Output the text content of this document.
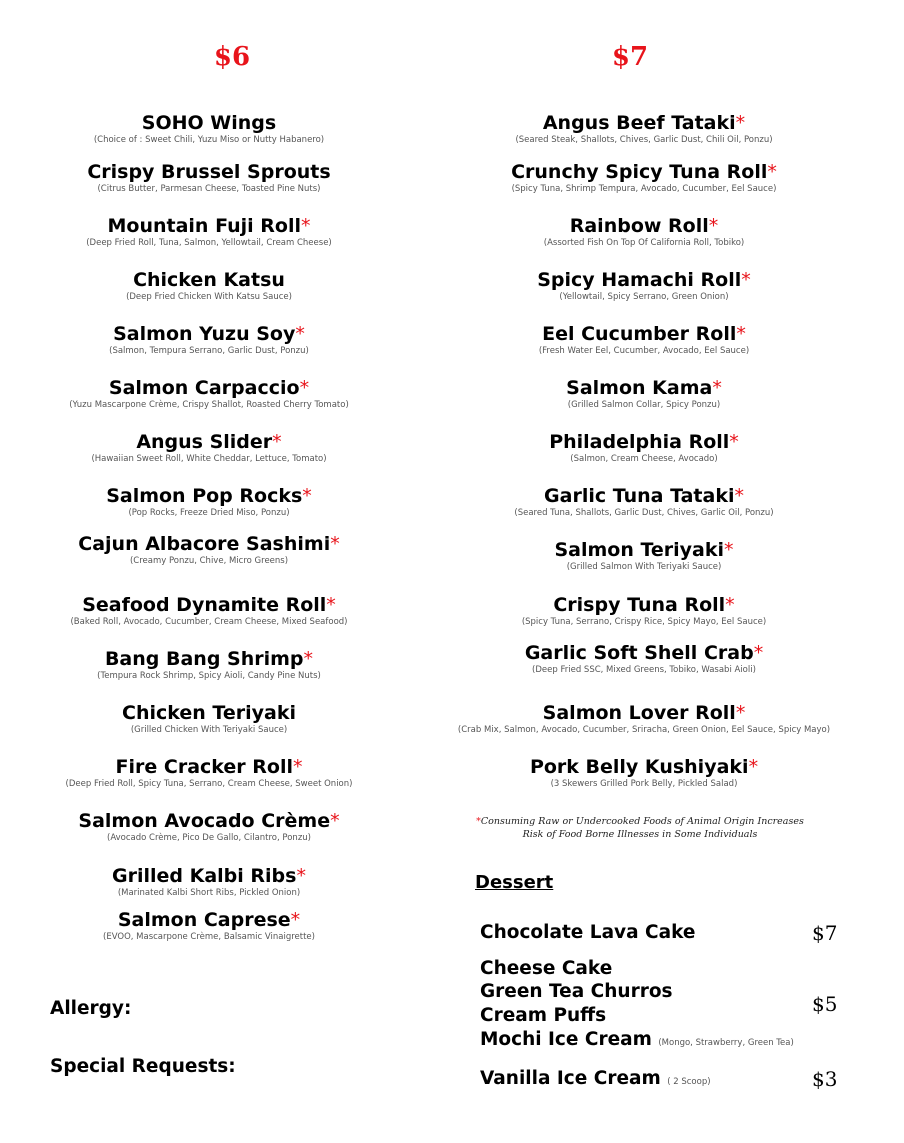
$6	$7
SOHO Wings
(Choice of : Sweet Chili, Yuzu Miso or Nutty Habanero)
Crispy Brussel Sprouts
(Citrus Butter, Parmesan Cheese, Toasted Pine Nuts)
Mountain Fuji Roll*
(Deep Fried Roll, Tuna, Salmon, Yellowtail, Cream Cheese)
Chicken Katsu
(Deep Fried Chicken With Katsu Sauce)
Salmon Yuzu Soy*
(Salmon, Tempura Serrano, Garlic Dust, Ponzu)
Salmon Carpaccio*
(Yuzu Mascarpone Crème, Crispy Shallot, Roasted Cherry Tomato)
Angus Slider*
(Hawaiian Sweet Roll, White Cheddar, Lettuce, Tomato)
Salmon Pop Rocks*
(Pop Rocks, Freeze Dried Miso, Ponzu)
Cajun Albacore Sashimi*
(Creamy Ponzu, Chive, Micro Greens)
Seafood Dynamite Roll*
(Baked Roll, Avocado, Cucumber, Cream Cheese, Mixed Seafood)
Bang Bang Shrimp*
(Tempura Rock Shrimp, Spicy Aioli, Candy Pine Nuts)
Chicken Teriyaki
(Grilled Chicken With Teriyaki Sauce)
Fire Cracker Roll*
(Deep Fried Roll, Spicy Tuna, Serrano, Cream Cheese, Sweet Onion)
Salmon Avocado Crème*
(Avocado Crème, Pico De Gallo, Cilantro, Ponzu)
Grilled Kalbi Ribs*
(Marinated Kalbi Short Ribs, Pickled Onion)
Salmon Caprese*
(EVOO, Mascarpone Crème, Balsamic Vinaigrette)
Angus Beef Tataki*
(Seared Steak, Shallots, Chives, Garlic Dust, Chili Oil, Ponzu)
Crunchy Spicy Tuna Roll*
(Spicy Tuna, Shrimp Tempura, Avocado, Cucumber, Eel Sauce)
Rainbow Roll*
(Assorted Fish On Top Of California Roll, Tobiko)
Spicy Hamachi Roll*
(Yellowtail, Spicy Serrano, Green Onion)
Eel Cucumber Roll*
(Fresh Water Eel, Cucumber, Avocado, Eel Sauce)
Salmon Kama*
(Grilled Salmon Collar, Spicy Ponzu)
Philadelphia Roll*
(Salmon, Cream Cheese, Avocado)
Garlic Tuna Tataki*
(Seared Tuna, Shallots, Garlic Dust, Chives, Garlic Oil, Ponzu)
Salmon Teriyaki*
(Grilled Salmon With Teriyaki Sauce)
Crispy Tuna Roll*
(Spicy Tuna, Serrano, Crispy Rice, Spicy Mayo, Eel Sauce)
Garlic Soft Shell Crab*
(Deep Fried SSC, Mixed Greens, Tobiko, Wasabi Aioli)
Salmon Lover Roll*
(Crab Mix, Salmon, Avocado, Cucumber, Sriracha, Green Onion, Eel Sauce, Spicy Mayo)
Pork Belly Kushiyaki*
(3 Skewers Grilled Pork Belly, Pickled Salad)
*Consuming Raw or Undercooked Foods of Animal Origin Increases
Risk of Food Borne Illnesses in Some Individuals
Dessert
Chocolate Lava Cake
Cheese Cake
Green Tea Churros
Cream Puffs
Mochi Ice Cream (Mongo, Strawberry, Green Tea)
Vanilla Ice Cream ( 2 Scoop)
$7
$5
$3
Allergy:
Special Requests:
